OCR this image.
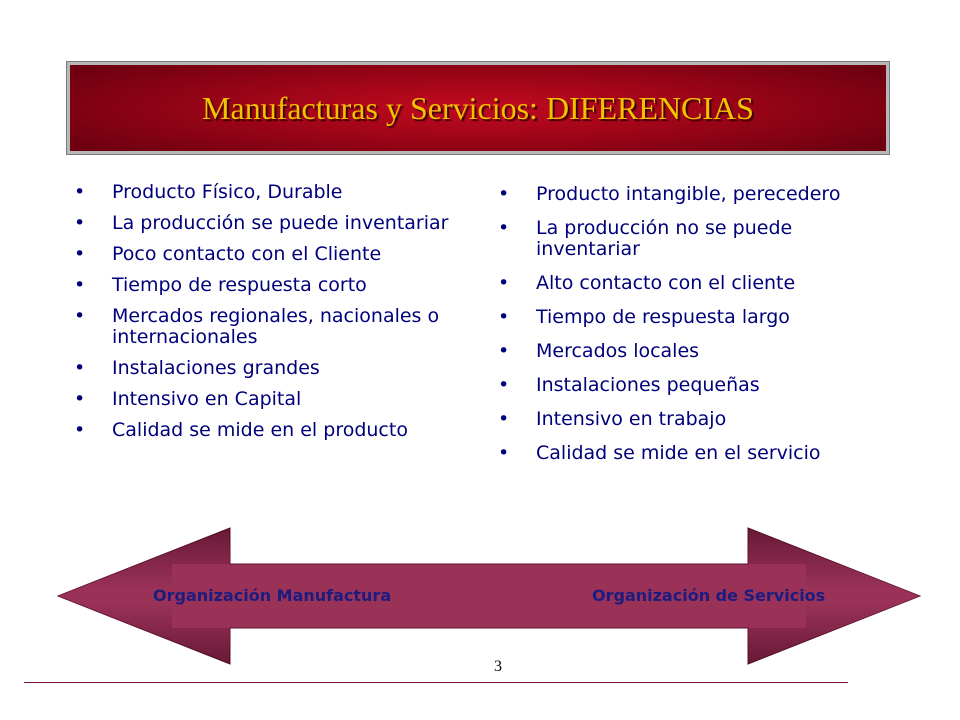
Manufacturas y Servicios: DIFERENCIAS
•	Producto Físico, Durable
•	La producción se puede inventariar
•	Poco contacto con el Cliente
•	Tiempo de respuesta corto
•	Mercados regionales, nacionales o internacionales
•	Instalaciones grandes
•	Intensivo en Capital
•	Calidad se mide en el producto
•	Producto intangible, perecedero
•	La producción no se puede inventariar
•	Alto contacto con el cliente
•	Tiempo de respuesta largo
•	Mercados locales
•	Instalaciones pequeñas
•	Intensivo en trabajo
•	Calidad se mide en el servicio
Organización Manufactura	Organización de Servicios
3
